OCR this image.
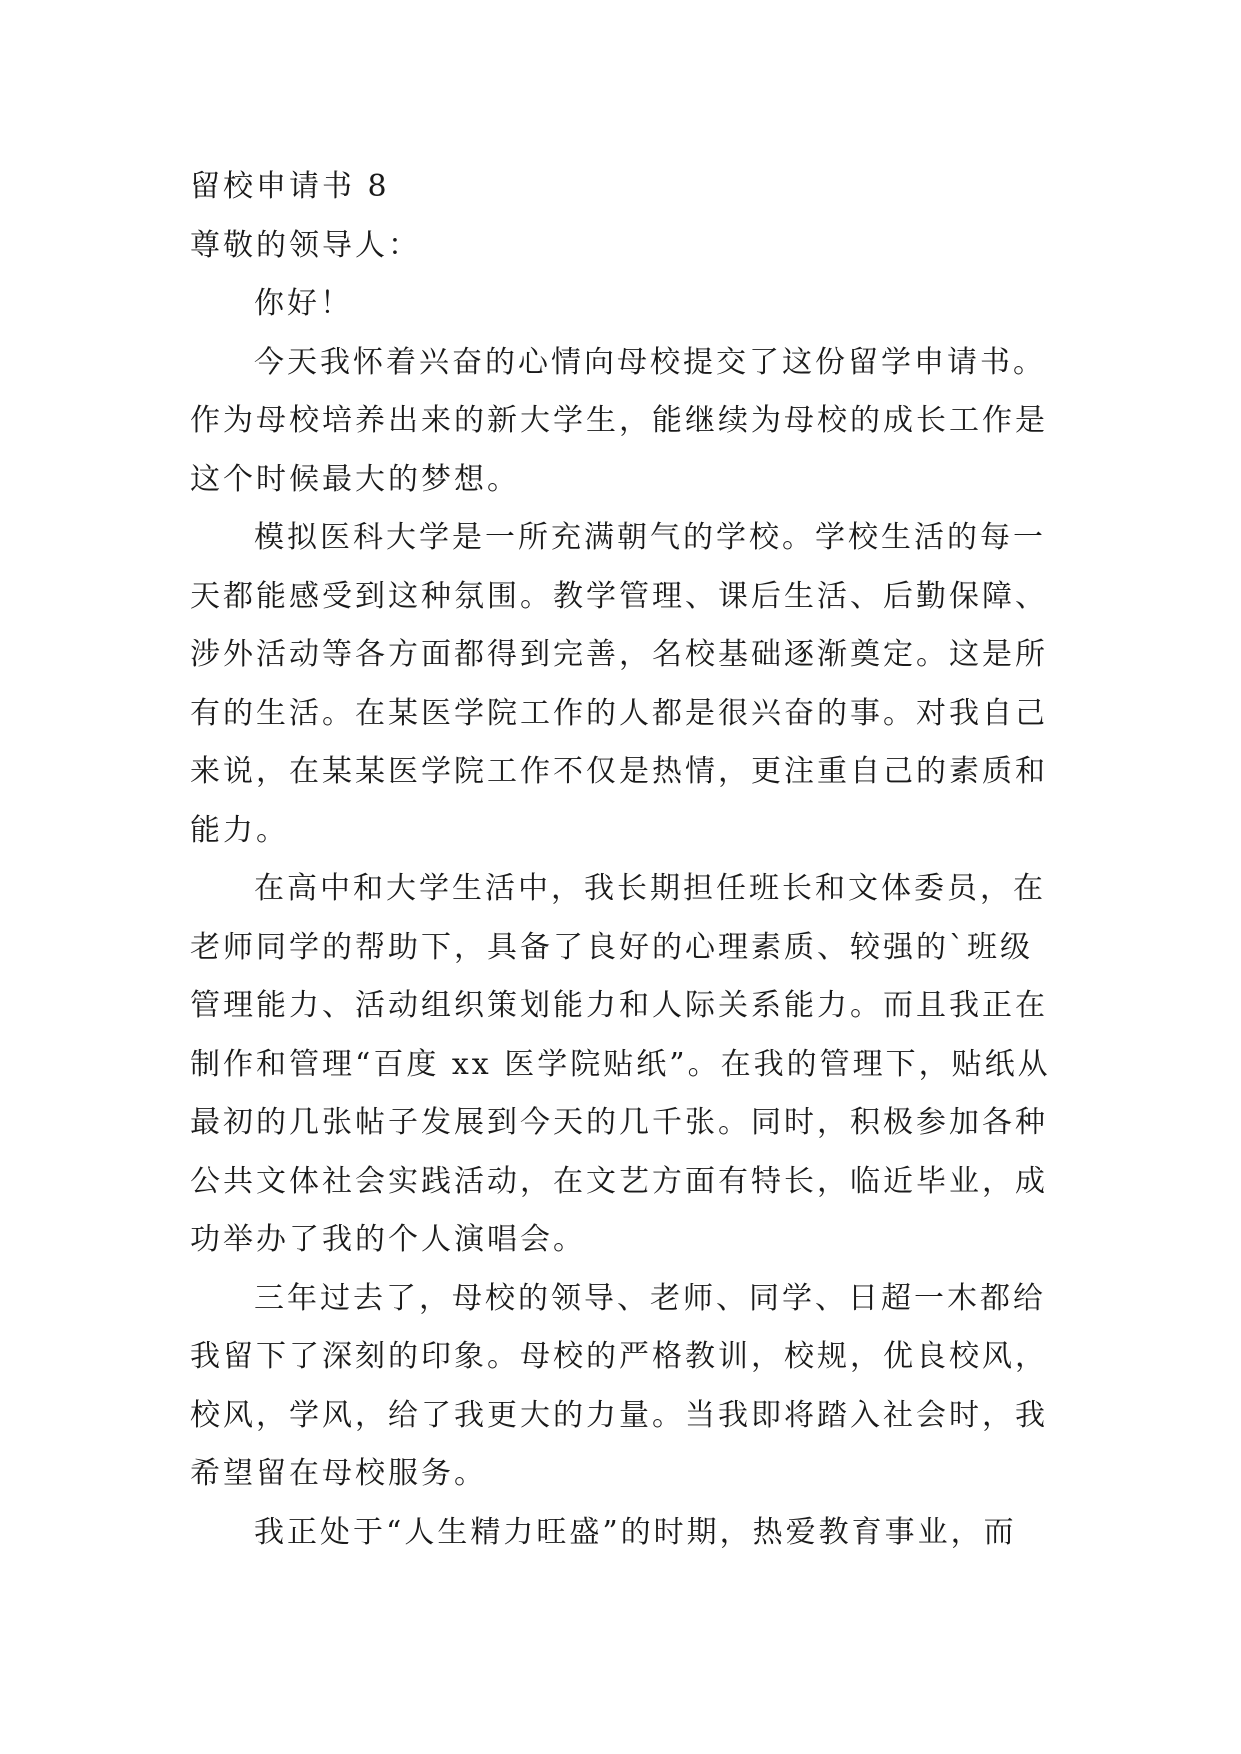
留校申请书 8
尊敬的领导人：
你好！
今天我怀着兴奋的心情向母校提交了这份留学申请书。
作为母校培养出来的新大学生，能继续为母校的成长工作是
这个时候最大的梦想。
模拟医科大学是一所充满朝气的学校。学校生活的每一
天都能感受到这种氛围。教学管理、课后生活、后勤保障、
涉外活动等各方面都得到完善，名校基础逐渐奠定。这是所
有的生活。在某医学院工作的人都是很兴奋的事。对我自己
来说，在某某医学院工作不仅是热情，更注重自己的素质和
能力。
在高中和大学生活中，我长期担任班长和文体委员，在
老师同学的帮助下，具备了良好的心理素质、较强的`班级
管理能力、活动组织策划能力和人际关系能力。而且我正在
制作和管理“百度 xx 医学院贴纸”。在我的管理下，贴纸从
最初的几张帖子发展到今天的几千张。同时，积极参加各种
公共文体社会实践活动，在文艺方面有特长，临近毕业，成
功举办了我的个人演唱会。
三年过去了，母校的领导、老师、同学、日超一木都给
我留下了深刻的印象。母校的严格教训，校规，优良校风，
校风，学风，给了我更大的力量。当我即将踏入社会时，我
希望留在母校服务。
我正处于“人生精力旺盛”的时期，热爱教育事业，而
